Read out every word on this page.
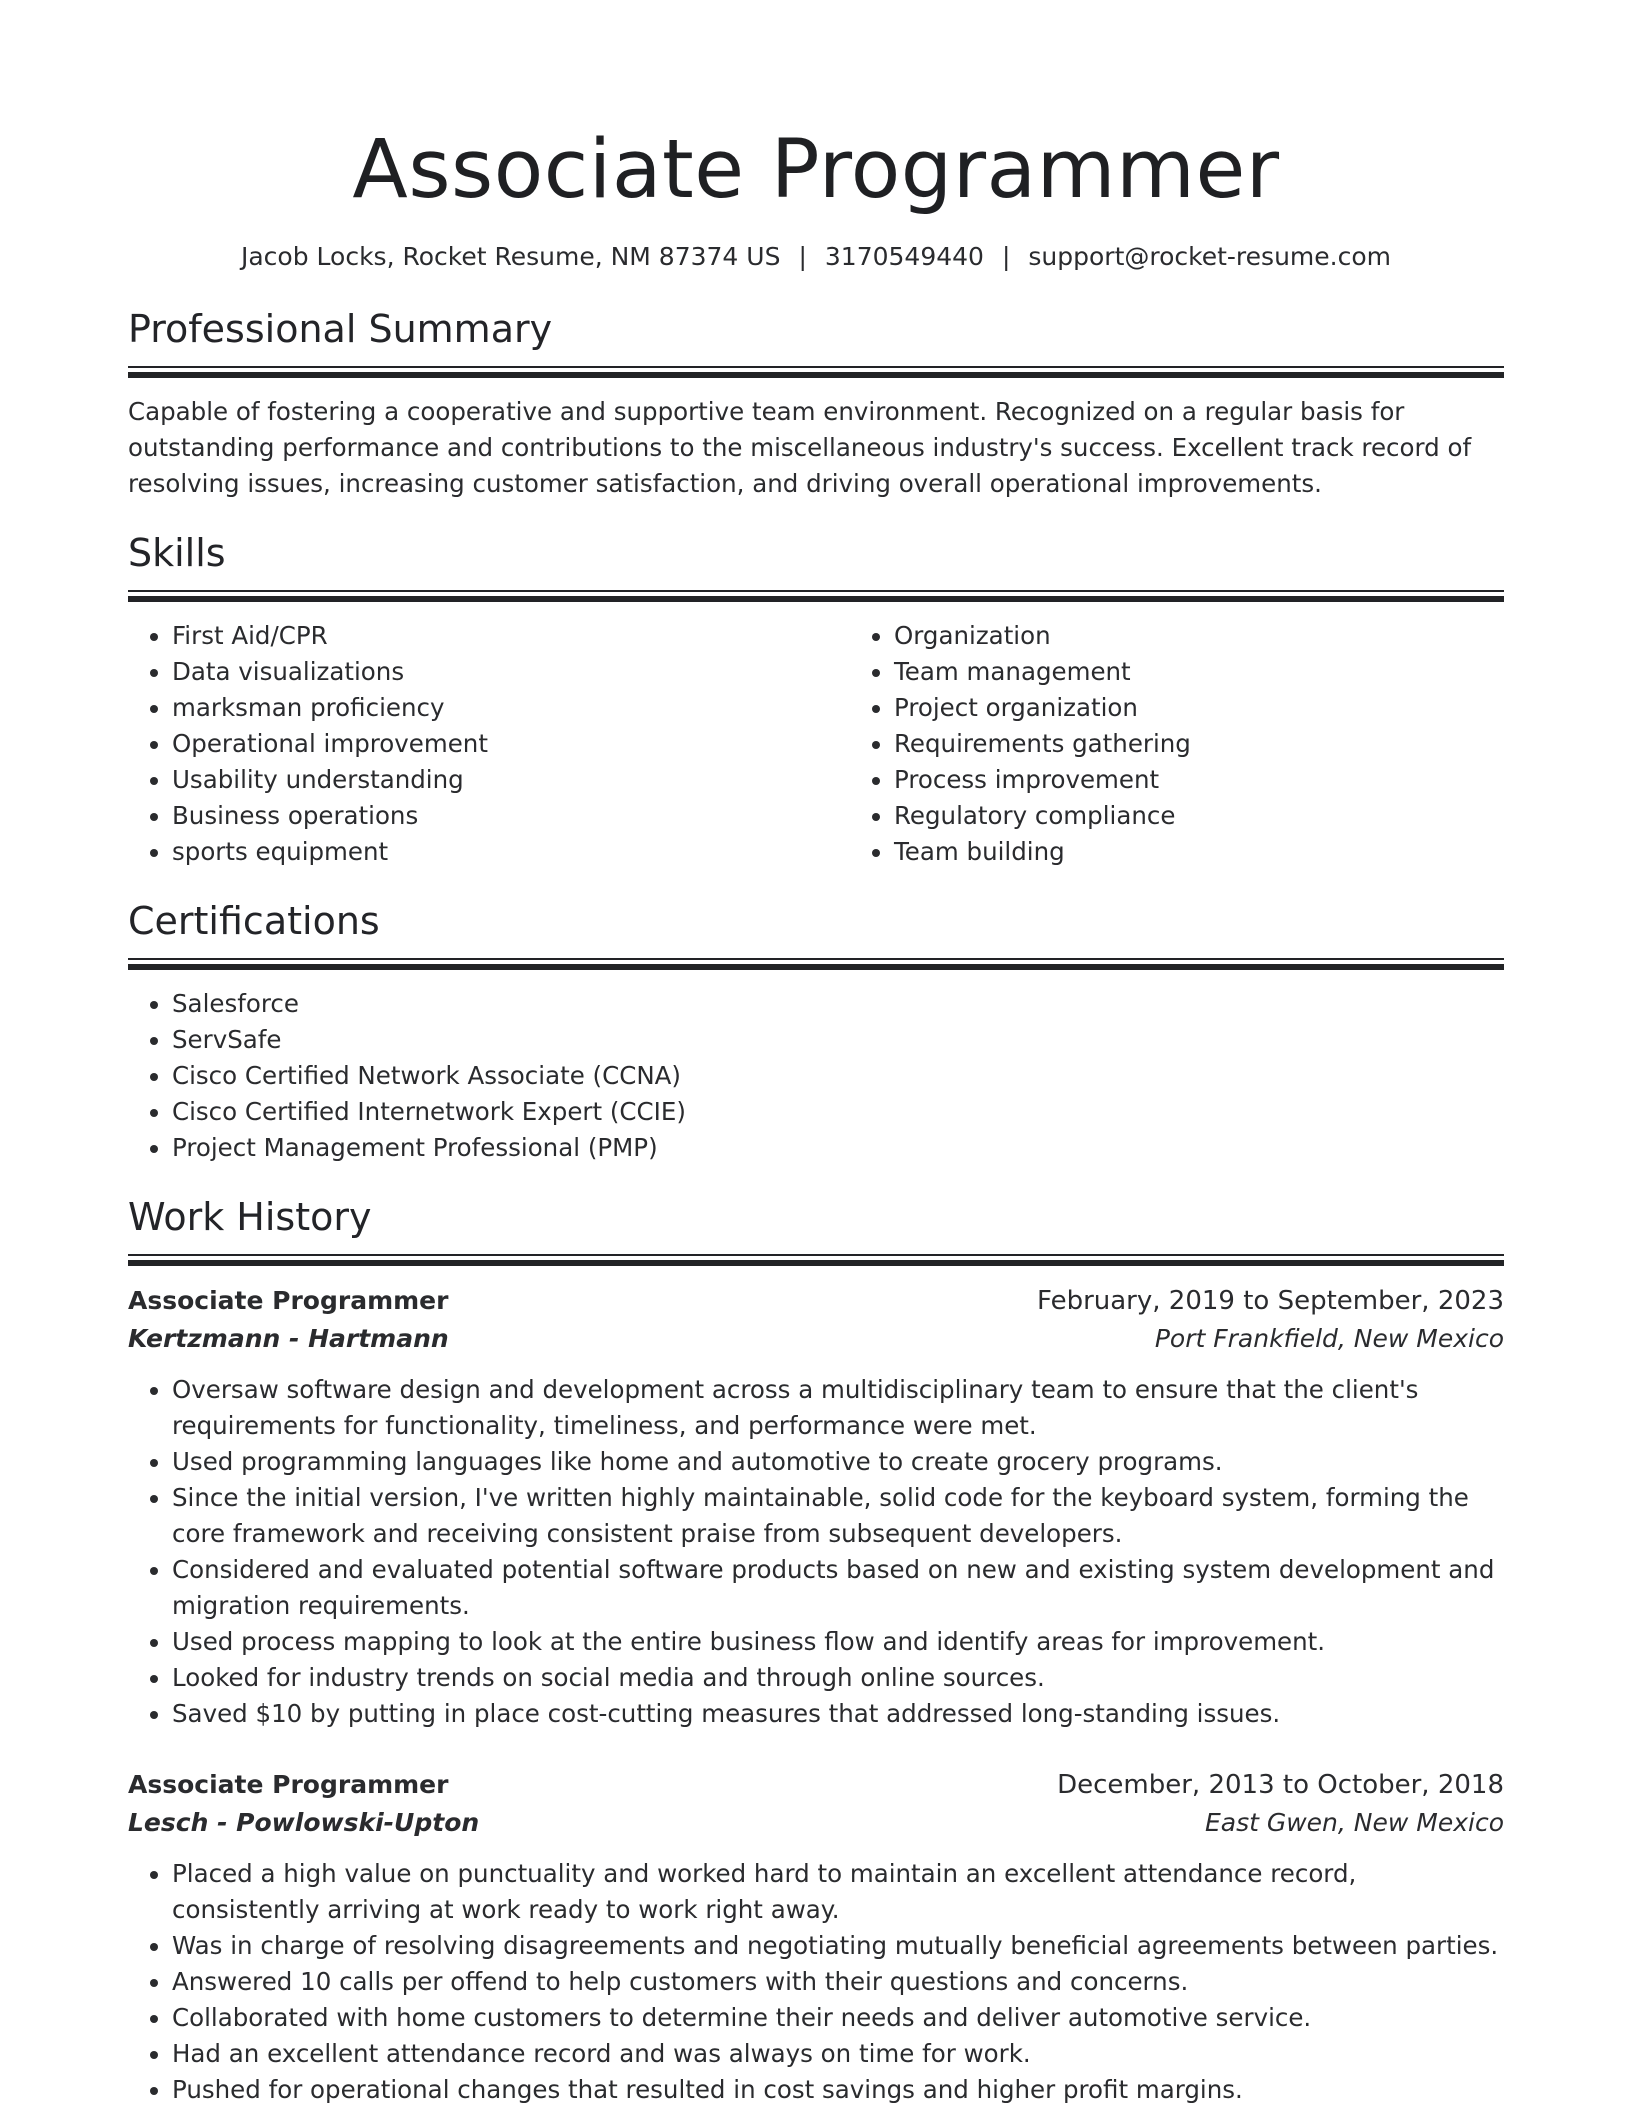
Associate Programmer
Jacob Locks, Rocket Resume, NM 87374 US | 3170549440 | support@rocket-resume.com
Professional Summary

Capable of fostering a cooperative and supportive team environment. Recognized on a regular basis for outstanding performance and contributions to the miscellaneous industry's success. Excellent track record of resolving issues, increasing customer satisfaction, and driving overall operational improvements.

Skills
• First Aid/CPR
• Data visualizations
• marksman proficiency
• Operational improvement
• Usability understanding
• Business operations
• sports equipment
• Organization
• Team management
• Project organization
• Requirements gathering
• Process improvement
• Regulatory compliance
• Team building
Certifications
• Salesforce
• ServSafe
• Cisco Certified Network Associate (CCNA)
• Cisco Certified Internetwork Expert (CCIE)
• Project Management Professional (PMP)
Work History
Associate Programmer	February, 2019 to September, 2023
Kertzmann - Hartmann	Port Frankfield, New Mexico
• Oversaw software design and development across a multidisciplinary team to ensure that the client's requirements for functionality, timeliness, and performance were met.
• Used programming languages like home and automotive to create grocery programs.
• Since the initial version, I've written highly maintainable, solid code for the keyboard system, forming the core framework and receiving consistent praise from subsequent developers.
• Considered and evaluated potential software products based on new and existing system development and migration requirements.
• Used process mapping to look at the entire business flow and identify areas for improvement.
• Looked for industry trends on social media and through online sources.
• Saved $10 by putting in place cost-cutting measures that addressed long-standing issues.
Associate Programmer	December, 2013 to October, 2018
Lesch - Powlowski-Upton	East Gwen, New Mexico
• Placed a high value on punctuality and worked hard to maintain an excellent attendance record, consistently arriving at work ready to work right away.
• Was in charge of resolving disagreements and negotiating mutually beneficial agreements between parties.
• Answered 10 calls per offend to help customers with their questions and concerns.
• Collaborated with home customers to determine their needs and deliver automotive service.
• Had an excellent attendance record and was always on time for work.
• Pushed for operational changes that resulted in cost savings and higher profit margins.
